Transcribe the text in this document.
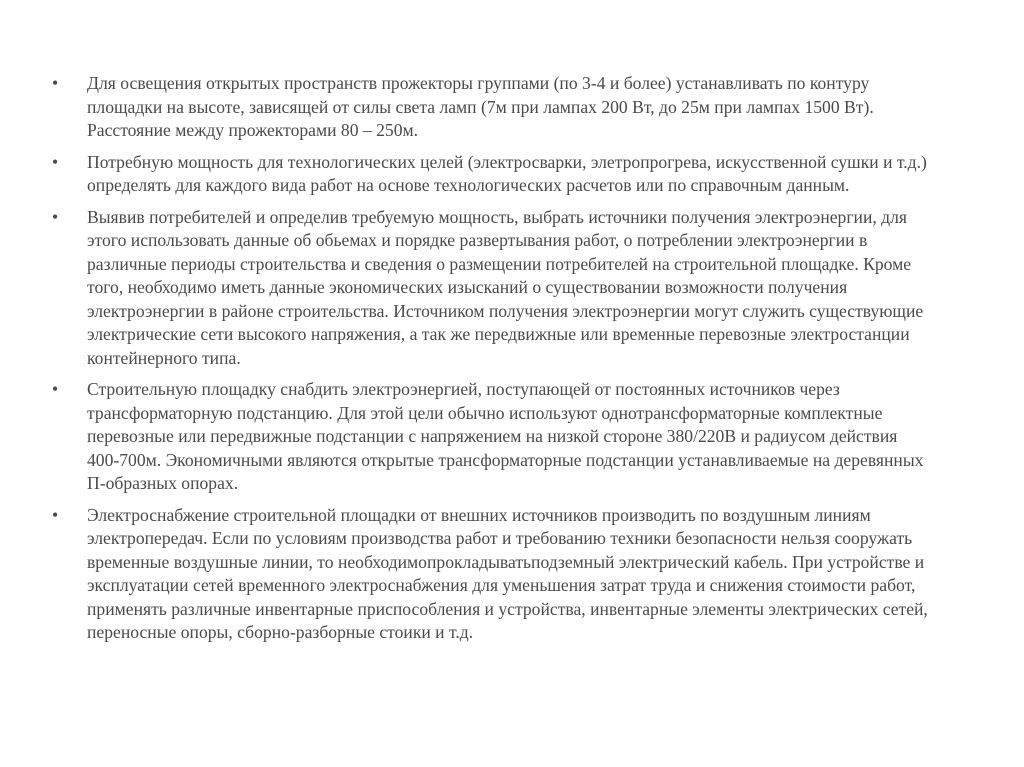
•	Для освещения открытых пространств прожекторы группами (по 3-4 и более) устанавливать по контуру площадки на высоте, зависящей от силы света ламп (7м при лампах 200 Вт, до 25м при лампах 1500 Вт). Расстояние между прожекторами 80 – 250м.
•	Потребную мощность для технологических целей (электросварки, элетропрогрева, искусственной сушки и т.д.) определять для каждого вида работ на основе технологических расчетов или по справочным данным.
•	Выявив потребителей и определив требуемую мощность, выбрать источники получения электроэнергии, для этого использовать данные об обьемах и порядке развертывания работ, о потреблении электроэнергии в различные периоды строительства и сведения о размещении потребителей на строительной площадке. Кроме того, необходимо иметь данные экономических изысканий о существовании возможности получения электроэнергии в районе строительства. Источником получения электроэнергии могут служить существующие электрические сети высокого напряжения, а так же передвижные или временные перевозные электростанции контейнерного типа.
•	Строительную площадку снабдить электроэнергией, поступающей от постоянных источников через трансформаторную подстанцию. Для этой цели обычно используют однотрансформаторные комплектные перевозные или передвижные подстанции с напряжением на низкой стороне 380/220В и радиусом действия 400-700м. Экономичными являются открытые трансформаторные подстанции устанавливаемые на деревянных П-образных опорах.
•	Электроснабжение строительной площадки от внешних источников производить по воздушным линиям электропередач. Если по условиям производства работ и требованию техники безопасности нельзя сооружать временные воздушные линии, то необходимопрокладыватьподземный электрический кабель. При устройстве и эксплуатации сетей временного электроснабжения для уменьшения затрат труда и снижения стоимости работ, применять различные инвентарные приспособления и устройства, инвентарные элементы электрических сетей, переносные опоры, сборно-разборные стоики и т.д.
